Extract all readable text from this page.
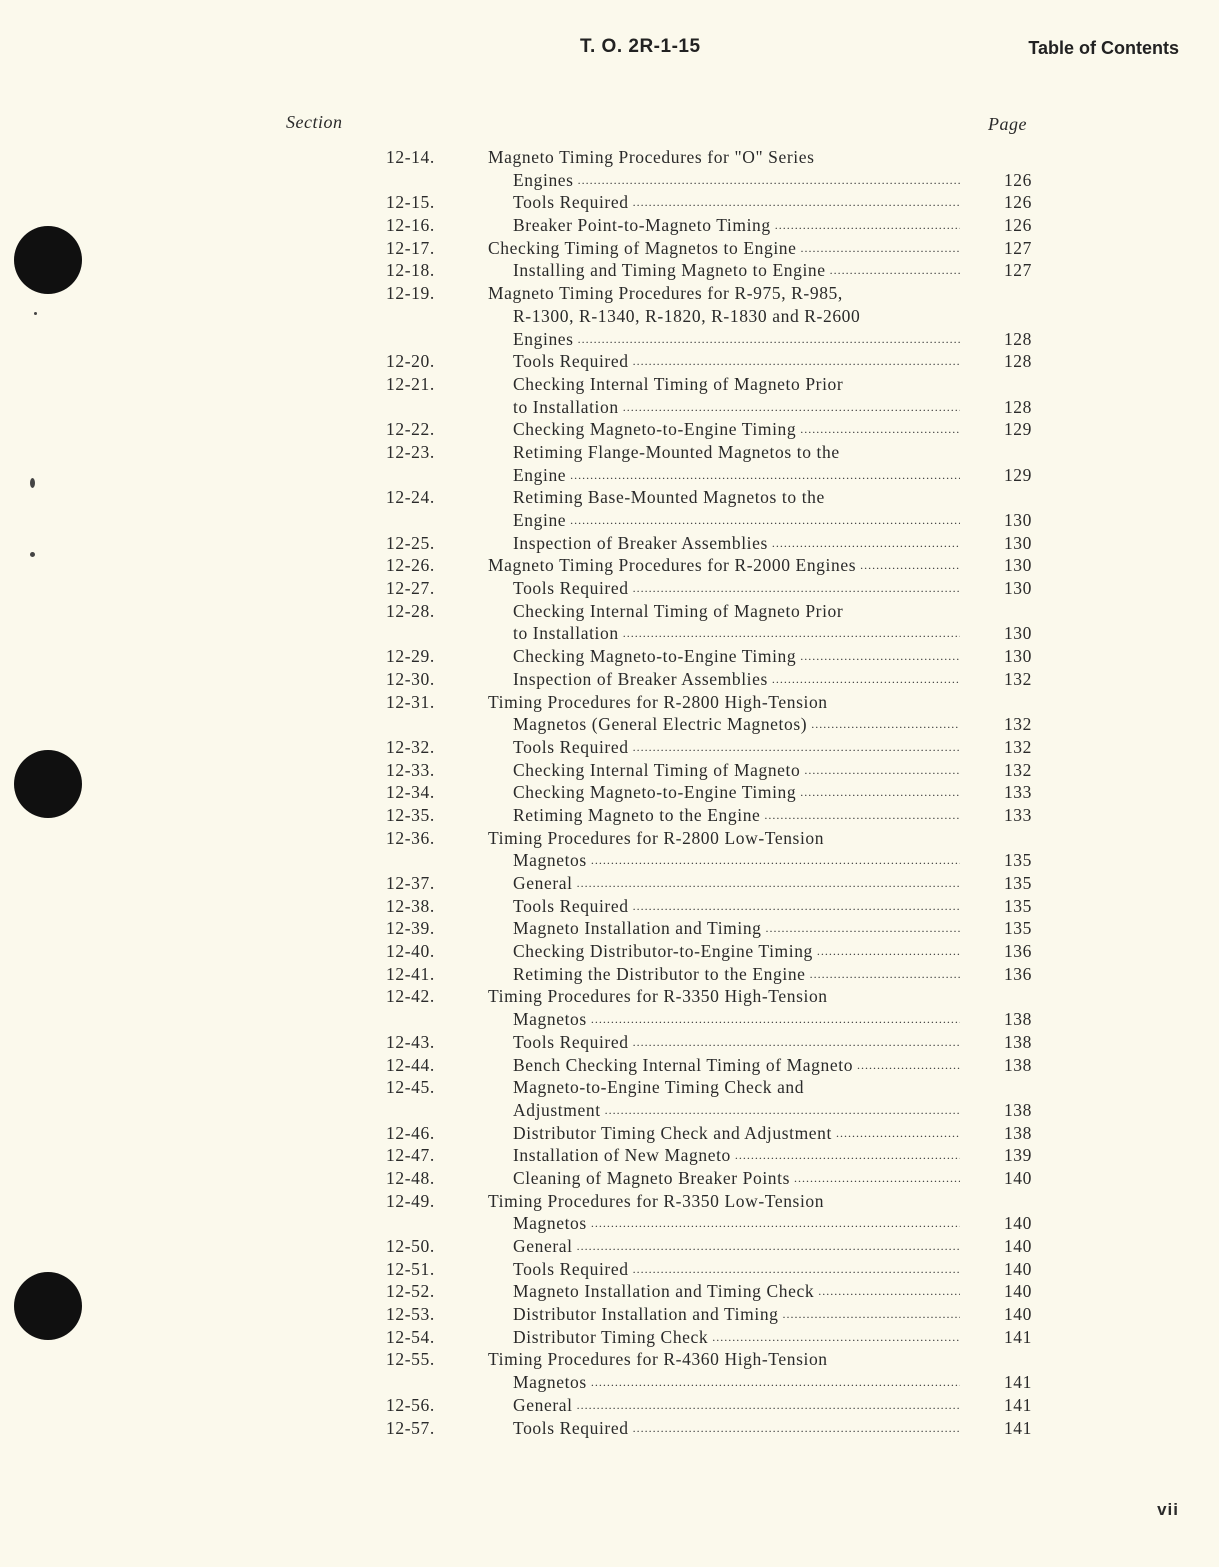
T. O. 2R-1-15	Table of Contents
Section	Page
12-14.	Magneto Timing Procedures for "O" Series
Engines .....	126
12-15.	Tools Required .....	126
12-16.	Breaker Point-to-Magneto Timing .....	126
12-17.	Checking Timing of Magnetos to Engine .....	127
12-18.	Installing and Timing Magneto to Engine .....	127
12-19.	Magneto Timing Procedures for R-975, R-985,
R-1300, R-1340, R-1820, R-1830 and R-2600
Engines .....	128
12-20.	Tools Required .....	128
12-21.	Checking Internal Timing of Magneto Prior
to Installation .....	128
12-22.	Checking Magneto-to-Engine Timing .....	129
12-23.	Retiming Flange-Mounted Magnetos to the
Engine .....	129
12-24.	Retiming Base-Mounted Magnetos to the
Engine .....	130
12-25.	Inspection of Breaker Assemblies .....	130
12-26.	Magneto Timing Procedures for R-2000 Engines .....	130
12-27.	Tools Required .....	130
12-28.	Checking Internal Timing of Magneto Prior
to Installation .....	130
12-29.	Checking Magneto-to-Engine Timing .....	130
12-30.	Inspection of Breaker Assemblies .....	132
12-31.	Timing Procedures for R-2800 High-Tension
Magnetos (General Electric Magnetos) .....	132
12-32.	Tools Required .....	132
12-33.	Checking Internal Timing of Magneto .....	132
12-34.	Checking Magneto-to-Engine Timing .....	133
12-35.	Retiming Magneto to the Engine .....	133
12-36.	Timing Procedures for R-2800 Low-Tension
Magnetos .....	135
12-37.	General .....	135
12-38.	Tools Required .....	135
12-39.	Magneto Installation and Timing .....	135
12-40.	Checking Distributor-to-Engine Timing .....	136
12-41.	Retiming the Distributor to the Engine .....	136
12-42.	Timing Procedures for R-3350 High-Tension
Magnetos .....	138
12-43.	Tools Required .....	138
12-44.	Bench Checking Internal Timing of Magneto .....	138
12-45.	Magneto-to-Engine Timing Check and
Adjustment .....	138
12-46.	Distributor Timing Check and Adjustment .....	138
12-47.	Installation of New Magneto .....	139
12-48.	Cleaning of Magneto Breaker Points .....	140
12-49.	Timing Procedures for R-3350 Low-Tension
Magnetos .....	140
12-50.	General .....	140
12-51.	Tools Required .....	140
12-52.	Magneto Installation and Timing Check .....	140
12-53.	Distributor Installation and Timing .....	140
12-54.	Distributor Timing Check .....	141
12-55.	Timing Procedures for R-4360 High-Tension
Magnetos .....	141
12-56.	General .....	141
12-57.	Tools Required .....	141
vii
